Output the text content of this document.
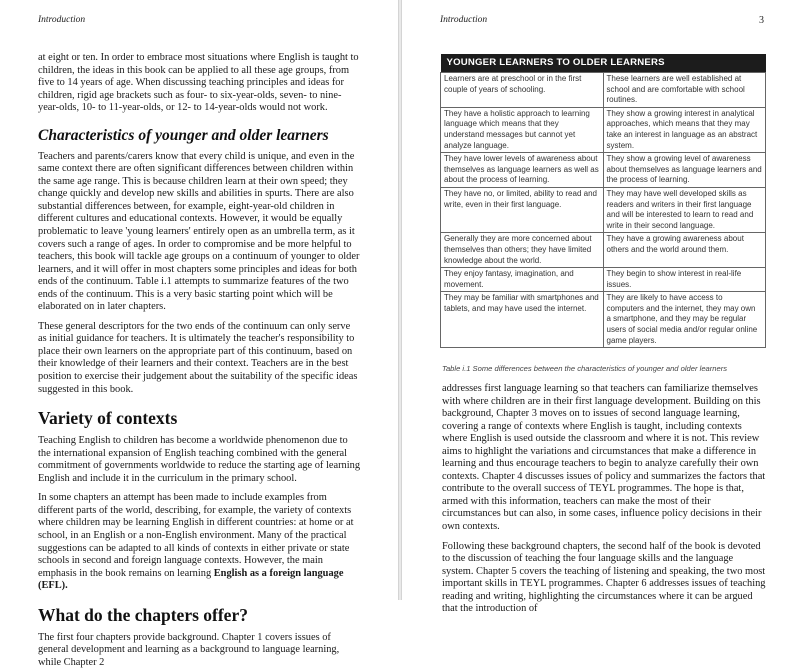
Introduction

at eight or ten. In order to embrace most situations where English is taught to children, the ideas in this book can be applied to all these age groups, from five to 14 years of age. When discussing teaching principles and ideas for children, rigid age brackets such as four- to six-year-olds, seven- to nine-year-olds, 10- to 11-year-olds, or 12- to 14-year-olds would not work.

Characteristics of younger and older learners

Teachers and parents/carers know that every child is unique, and even in the same context there are often significant differences between children within the same age range. This is because children learn at their own speed; they change quickly and develop new skills and abilities in spurts. There are also substantial differences between, for example, eight-year-old children in different cultures and educational contexts. However, it would be equally problematic to leave 'young learners' entirely open as an umbrella term, as it covers such a range of ages. In order to compromise and be more helpful to teachers, this book will tackle age groups on a continuum of younger to older learners, and it will offer in most chapters some principles and ideas for both ends of the continuum. Table i.1 attempts to summarize features of the two ends of the continuum. This is a very basic starting point which will be elaborated on in later chapters.

These general descriptors for the two ends of the continuum can only serve as initial guidance for teachers. It is ultimately the teacher's responsibility to place their own learners on the appropriate part of this continuum, based on their knowledge of their learners and their context. Teachers are in the best position to exercise their judgement about the suitability of the specific ideas suggested in this book.

Variety of contexts

Teaching English to children has become a worldwide phenomenon due to the international expansion of English teaching combined with the general commitment of governments worldwide to reduce the starting age of learning English and include it in the curriculum in the primary school.

In some chapters an attempt has been made to include examples from different parts of the world, describing, for example, the variety of contexts where children may be learning English in different countries: at home or at school, in an English or a non-English environment. Many of the practical suggestions can be adapted to all kinds of contexts in either private or state schools in second and foreign language contexts. However, the main emphasis in the book remains on learning English as a foreign language (EFL).

What do the chapters offer?

The first four chapters provide background. Chapter 1 covers issues of general development and learning as a background to language learning, while Chapter 2

Introduction	3
YOUNGER LEARNERS TO OLDER LEARNERS	
Learners are at preschool or in the first couple of years of schooling.	These learners are well established at school and are comfortable with school routines.
They have a holistic approach to learning language which means that they understand messages but cannot yet analyze language.	They show a growing interest in analytical approaches, which means that they may take an interest in language as an abstract system.
They have lower levels of awareness about themselves as language learners as well as about the process of learning.	They show a growing level of awareness about themselves as language learners and the process of learning.
They have no, or limited, ability to read and write, even in their first language.	They may have well developed skills as readers and writers in their first language and will be interested to learn to read and write in their second language.
Generally they are more concerned about themselves than others; they have limited knowledge about the world.	They have a growing awareness about others and the world around them.
They enjoy fantasy, imagination, and movement.	They begin to show interest in real-life issues.
They may be familiar with smartphones and tablets, and may have used the internet.	They are likely to have access to computers and the internet, they may own a smartphone, and they may be regular users of social media and/or regular online game players.
Table i.1 Some differences between the characteristics of younger and older learners

addresses first language learning so that teachers can familiarize themselves with where children are in their first language development. Building on this background, Chapter 3 moves on to issues of second language learning, covering a range of contexts where English is taught, including contexts where English is used outside the classroom and where it is not. This review aims to highlight the variations and circumstances that make a difference in learning and thus encourage teachers to begin to analyze carefully their own contexts. Chapter 4 discusses issues of policy and summarizes the factors that contribute to the overall success of TEYL programmes. The hope is that, armed with this information, teachers can make the most of their circumstances but can also, in some cases, influence policy decisions in their own contexts.

Following these background chapters, the second half of the book is devoted to the discussion of teaching the four language skills and the language system. Chapter 5 covers the teaching of listening and speaking, the two most important skills in TEYL programmes. Chapter 6 addresses issues of teaching reading and writing, highlighting the circumstances where it can be argued that the introduction of
